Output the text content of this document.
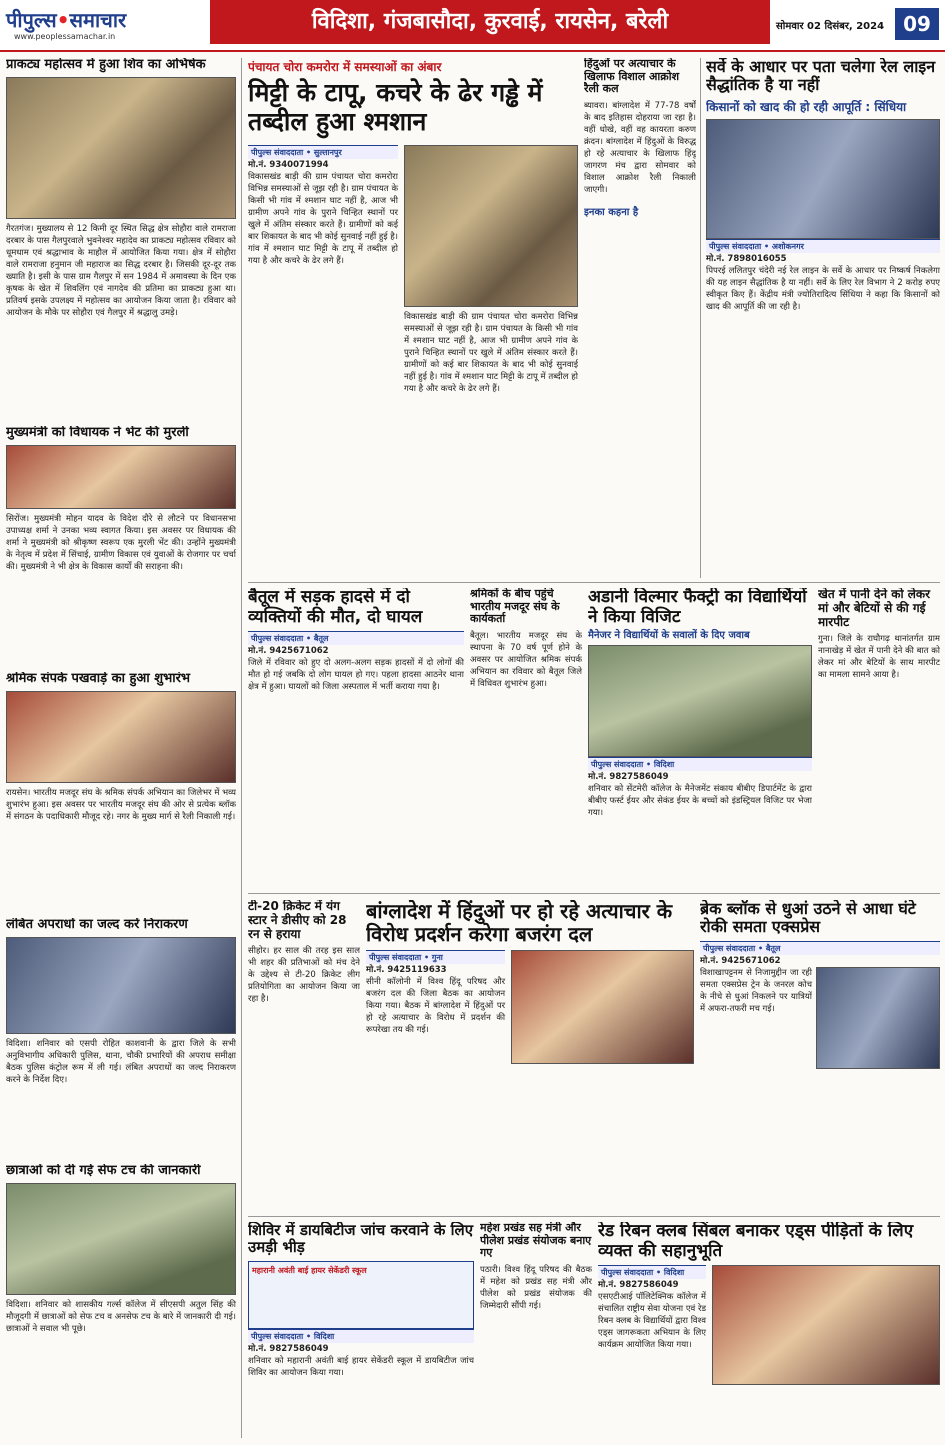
पीपुल्स•समाचार
www.peoplessamachar.in
विदिशा, गंजबासौदा, कुरवाई, रायसेन, बरेली	सोमवार 02 दिसंबर, 2024 09
प्राकट्य महोत्सव में हुआ शिव का अभिषेक
गैरतगंज। मुख्यालय से 12 किमी दूर स्थित सिद्ध क्षेत्र सोहौरा वाले रामराजा दरबार के पास गैलपुरवाले भुवनेश्वर महादेव का प्राकट्य महोत्सव रविवार को धूमधाम एवं श्रद्धाभाव के माहौल में आयोजित किया गया। क्षेत्र में सोहौरा वाले रामराजा हनुमान जी महाराज का सिद्ध दरबार है। जिसकी दूर-दूर तक ख्याति है। इसी के पास ग्राम गैलपुर में सन 1984 में अमावस्या के दिन एक कृषक के खेत में शिवलिंग एवं नागदेव की प्रतिमा का प्राकट्य हुआ था। प्रतिवर्ष इसके उपलक्ष्य में महोत्सव का आयोजन किया जाता है। रविवार को आयोजन के मौके पर सोहौरा एवं गैलपुर में श्रद्धालु उमड़े।
मुख्यमंत्री को विधायक ने भेंट की मुरली
सिरोंज। मुख्यमंत्री मोहन यादव के विदेश दौरे से लौटने पर विधानसभा उपाध्यक्ष शर्मा ने उनका भव्य स्वागत किया। इस अवसर पर विधायक की शर्मा ने मुख्यमंत्री को श्रीकृष्ण स्वरूप एक मुरली भेंट की। उन्होंने मुख्यमंत्री के नेतृत्व में प्रदेश में सिंचाई, ग्रामीण विकास एवं युवाओं के रोजगार पर चर्चा की। मुख्यमंत्री ने भी क्षेत्र के विकास कार्यों की सराहना की।
श्रमिक संपर्क पखवाड़े का हुआ शुभारंभ
रायसेन। भारतीय मजदूर संघ के श्रमिक संपर्क अभियान का जिलेभर में भव्य शुभारंभ हुआ। इस अवसर पर भारतीय मजदूर संघ की ओर से प्रत्येक ब्लॉक में संगठन के पदाधिकारी मौजूद रहे। नगर के मुख्य मार्ग से रैली निकाली गई।
लंबित अपराधों का जल्द करें निराकरण
विदिशा। शनिवार को एसपी रोहित काशवानी के द्वारा जिले के सभी अनुविभागीय अधिकारी पुलिस, थाना, चौकी प्रभारियों की अपराध समीक्षा बैठक पुलिस कंट्रोल रूम में ली गई। लंबित अपराधों का जल्द निराकरण करने के निर्देश दिए।
छात्राओं को दी गई सेफ टच की जानकारी
विदिशा। शनिवार को शासकीय गर्ल्स कॉलेज में सीएसपी अतुल सिंह की मौजूदगी में छात्राओं को सेफ टच व अनसेफ टच के बारे में जानकारी दी गई। छात्राओं ने सवाल भी पूछे।
पंचायत चोरा कमरोरा में समस्याओं का अंबार
मिट्टी के टापू, कचरे के ढेर गड्ढे में तब्दील हुआ श्मशान
पीपुल्स संवाददाता • सुल्तानपुर
मो.नं. 9340071994
विकासखंड बाड़ी की ग्राम पंचायत चोरा कमरोरा विभिन्न समस्याओं से जूझ रही है। ग्राम पंचायत के किसी भी गांव में श्मशान घाट नहीं है, आज भी ग्रामीण अपने गांव के पुराने चिन्हित स्थानों पर खुले में अंतिम संस्कार करते हैं। ग्रामीणों को कई बार शिकायत के बाद भी कोई सुनवाई नहीं हुई है। गांव में श्मशान घाट मिट्टी के टापू में तब्दील हो गया है और कचरे के ढेर लगे हैं।
विकासखंड बाड़ी की ग्राम पंचायत चोरा कमरोरा विभिन्न समस्याओं से जूझ रही है। ग्राम पंचायत के किसी भी गांव में श्मशान घाट नहीं है, आज भी ग्रामीण अपने गांव के पुराने चिन्हित स्थानों पर खुले में अंतिम संस्कार करते हैं। ग्रामीणों को कई बार शिकायत के बाद भी कोई सुनवाई नहीं हुई है। गांव में श्मशान घाट मिट्टी के टापू में तब्दील हो गया है और कचरे के ढेर लगे हैं।
हिंदुओं पर अत्याचार के खिलाफ विशाल आक्रोश रैली कल
ब्यावरा। बांग्लादेश में 77-78 वर्षों के बाद इतिहास दोहराया जा रहा है। वहीं धोखे, वहीं वह कायरता करुण क्रंदन। बांग्लादेश में हिंदुओं के विरुद्ध हो रहे अत्याचार के खिलाफ हिंदू जागरण मंच द्वारा सोमवार को विशाल आक्रोश रैली निकाली जाएगी।
इनका कहना है
सर्वे के आधार पर पता चलेगा रेल लाइन सैद्धांतिक है या नहीं
किसानों को खाद की हो रही आपूर्ति : सिंधिया
पीपुल्स संवाददाता • अशोकनगर
मो.नं. 7898016055
पिपरई ललितपुर चंदेरी नई रेल लाइन के सर्वे के आधार पर निष्कर्ष निकलेगा की यह लाइन सैद्धांतिक है या नहीं। सर्वे के लिए रेल विभाग ने 2 करोड़ रुपए स्वीकृत किए हैं। केंद्रीय मंत्री ज्योतिरादित्य सिंधिया ने कहा कि किसानों को खाद की आपूर्ति की जा रही है।
बैतूल में सड़क हादसे में दो व्यक्तियों की मौत, दो घायल
पीपुल्स संवाददाता • बैतूल
मो.नं. 9425671062
जिले में रविवार को हुए दो अलग-अलग सड़क हादसों में दो लोगों की मौत हो गई जबकि दो लोग घायल हो गए। पहला हादसा आठनेर थाना क्षेत्र में हुआ। घायलों को जिला अस्पताल में भर्ती कराया गया है।
श्रमिकों के बीच पहुंचे भारतीय मजदूर संघ के कार्यकर्ता
बैतूल। भारतीय मजदूर संघ के स्थापना के 70 वर्ष पूर्ण होने के अवसर पर आयोजित श्रमिक संपर्क अभियान का रविवार को बैतूल जिले में विधिवत शुभारंभ हुआ।
अडानी विल्मार फैक्ट्री का विद्यार्थियों ने किया विजिट
मैनेजर ने विद्यार्थियों के सवालों के दिए जवाब
पीपुल्स संवाददाता • विदिशा
मो.नं. 9827586049
शनिवार को सेंटमेरी कॉलेज के मैनेजमेंट संकाय बीबीए डिपार्टमेंट के द्वारा बीबीए फर्स्ट ईयर और सेकंड ईयर के बच्चों को इंडस्ट्रियल विजिट पर भेजा गया।
खेत में पानी देने को लेकर मां और बेटियों से की गई मारपीट
गुना। जिले के राघौगढ़ थानांतर्गत ग्राम नानाखेड़ में खेत में पानी देने की बात को लेकर मां और बेटियों के साथ मारपीट का मामला सामने आया है।
टी-20 क्रिकेट में यंग स्टार ने डीसीए को 28 रन से हराया
सीहोर। हर साल की तरह इस साल भी शहर की प्रतिभाओं को मंच देने के उद्देश्य से टी-20 क्रिकेट लीग प्रतियोगिता का आयोजन किया जा रहा है।
बांग्लादेश में हिंदुओं पर हो रहे अत्याचार के विरोध प्रदर्शन करेगा बजरंग दल
पीपुल्स संवाददाता • गुना
मो.नं. 9425119633
सीनी कॉलोनी में विश्व हिंदू परिषद और बजरंग दल की जिला बैठक का आयोजन किया गया। बैठक में बांग्लादेश में हिंदुओं पर हो रहे अत्याचार के विरोध में प्रदर्शन की रूपरेखा तय की गई।
ब्रेक ब्लॉक से धुआं उठने से आधा घंटे रोकी समता एक्सप्रेस
पीपुल्स संवाददाता • बैतूल
मो.नं. 9425671062
विशाखापट्टनम से निजामुद्दीन जा रही समता एक्सप्रेस ट्रेन के जनरल कोच के नीचे से धुआं निकलने पर यात्रियों में अफरा-तफरी मच गई।
शिविर में डायबिटीज जांच करवाने के लिए उमड़ी भीड़
महारानी अवंती बाई हायर सेकेंडरी स्कूल
पीपुल्स संवाददाता • विदिशा
मो.नं. 9827586049
शनिवार को महारानी अवंती बाई हायर सेकेंडरी स्कूल में डायबिटीज जांच शिविर का आयोजन किया गया।
महेश प्रखंड सह मंत्री और पीलेश प्रखंड संयोजक बनाए गए
पठारी। विश्व हिंदू परिषद की बैठक में महेश को प्रखंड सह मंत्री और पीलेश को प्रखंड संयोजक की जिम्मेदारी सौंपी गई।
रेड रिबन क्लब सिंबल बनाकर एड्स पीड़ितों के लिए व्यक्त की सहानुभूति
पीपुल्स संवाददाता • विदिशा
मो.नं. 9827586049
एसएटीआई पॉलिटेक्निक कॉलेज में संचालित राष्ट्रीय सेवा योजना एवं रेड रिबन क्लब के विद्यार्थियों द्वारा विश्व एड्स जागरूकता अभियान के लिए कार्यक्रम आयोजित किया गया।
